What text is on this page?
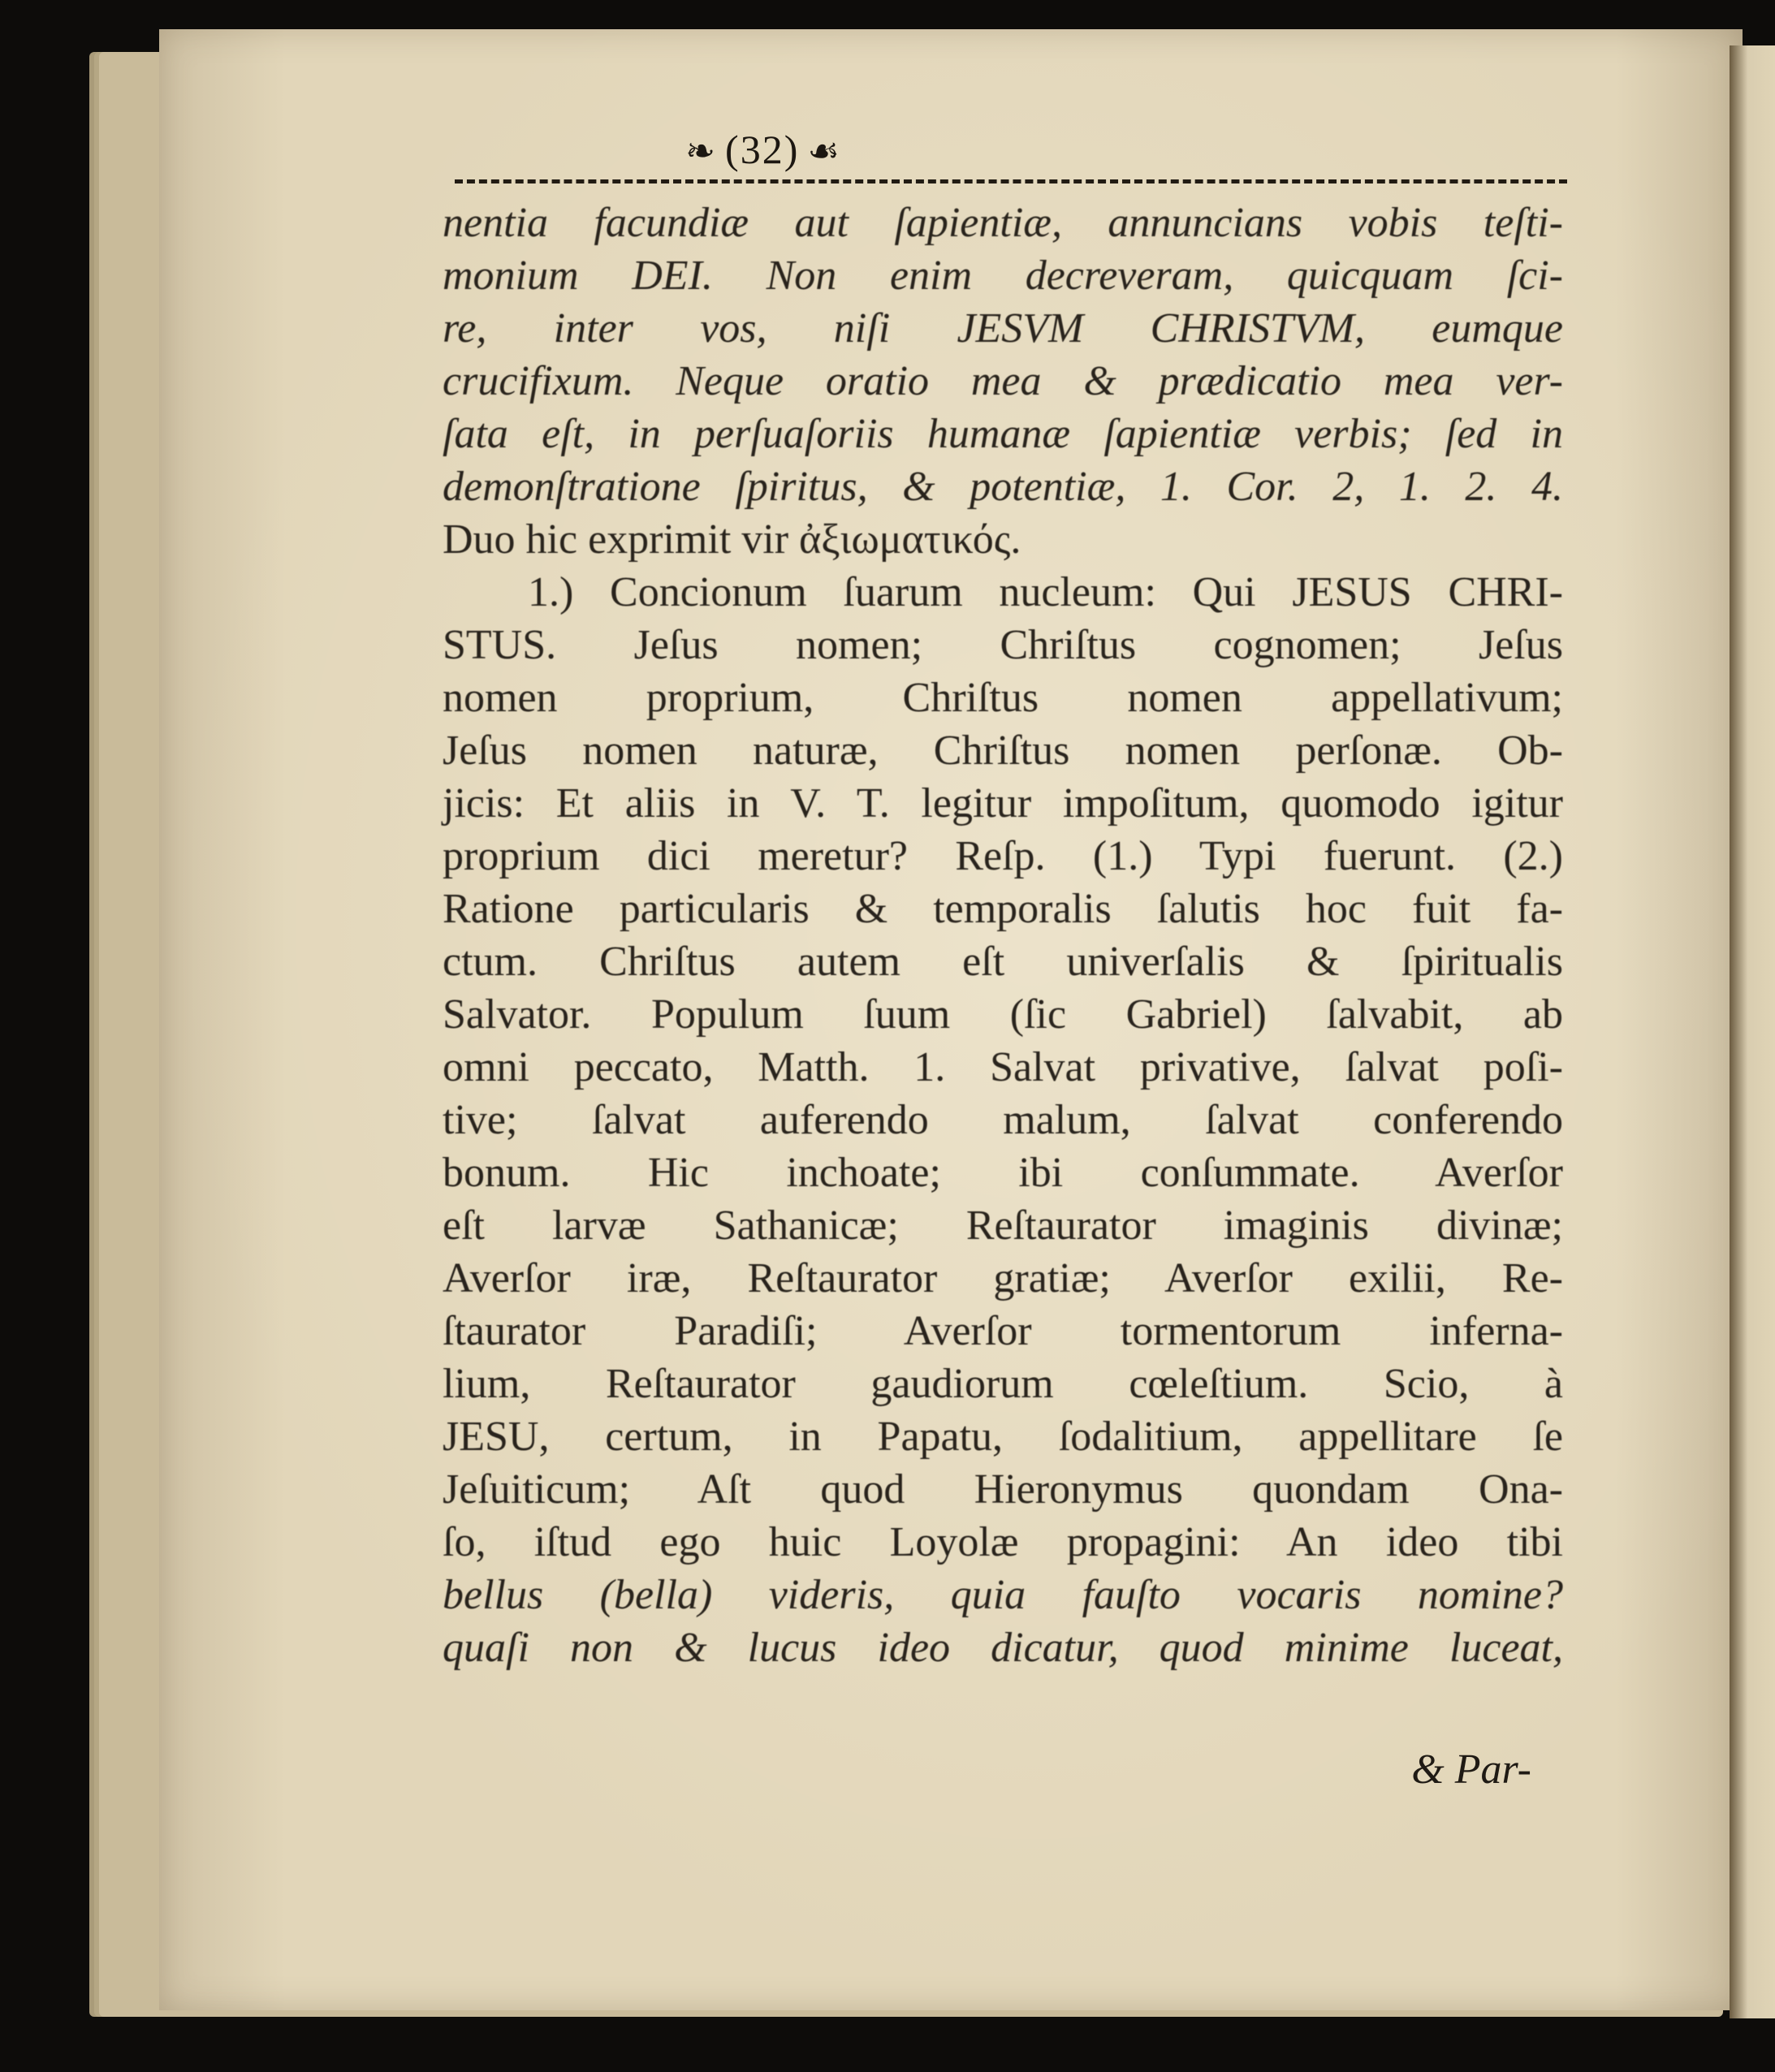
❧ (32) ☙
nentia facundiæ aut ſapientiæ, annuncians vobis teſti-
monium DEI. Non enim decreveram, quicquam ſci-
re, inter vos, niſi JESVM CHRISTVM, eumque
crucifixum. Neque oratio mea & prædicatio mea ver-
ſata eſt, in perſuaſoriis humanæ ſapientiæ verbis; ſed in
demonſtratione ſpiritus, & potentiæ, 1. Cor. 2, 1. 2. 4.
Duo hic exprimit vir ἀξιωματικός.
1.) Concionum ſuarum nucleum: Qui JESUS CHRI-
STUS. Jeſus nomen; Chriſtus cognomen; Jeſus
nomen proprium, Chriſtus nomen appellativum;
Jeſus nomen naturæ, Chriſtus nomen perſonæ. Ob-
jicis: Et aliis in V. T. legitur impoſitum, quomodo igitur
proprium dici meretur? Reſp. (1.) Typi fuerunt. (2.)
Ratione particularis & temporalis ſalutis hoc fuit fa-
ctum. Chriſtus autem eſt univerſalis & ſpiritualis
Salvator. Populum ſuum (ſic Gabriel) ſalvabit, ab
omni peccato, Matth. 1. Salvat privative, ſalvat poſi-
tive; ſalvat auferendo malum, ſalvat conferendo
bonum. Hic inchoate; ibi conſummate. Averſor
eſt larvæ Sathanicæ; Reſtaurator imaginis divinæ;
Averſor iræ, Reſtaurator gratiæ; Averſor exilii, Re-
ſtaurator Paradiſi; Averſor tormentorum inferna-
lium, Reſtaurator gaudiorum cœleſtium. Scio, à
JESU, certum, in Papatu, ſodalitium, appellitare ſe
Jeſuiticum; Aſt quod Hieronymus quondam Ona-
ſo, iſtud ego huic Loyolæ propagini: An ideo tibi
bellus (bella) videris, quia fauſto vocaris nomine?
quaſi non & lucus ideo dicatur, quod minime luceat,
& Par-
